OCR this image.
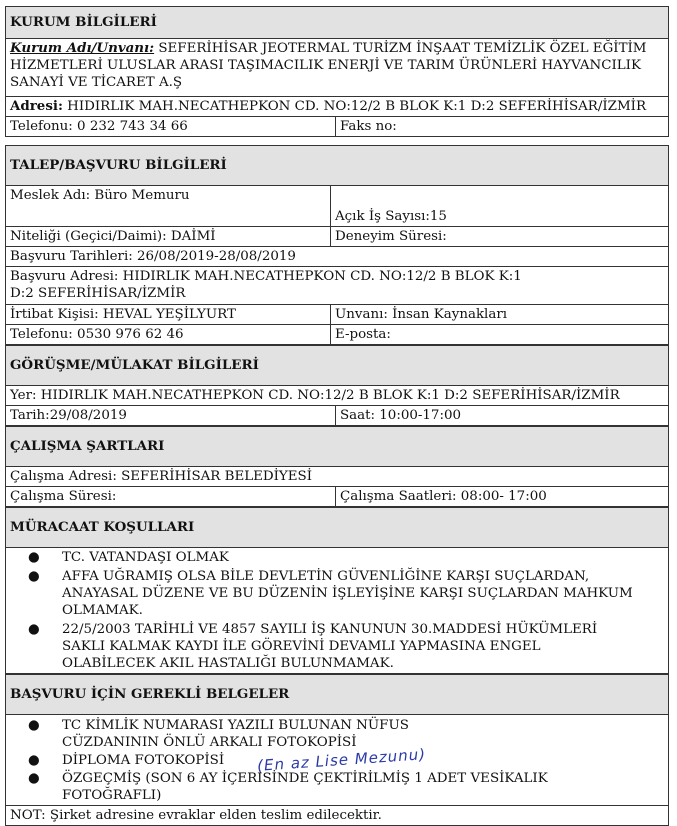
KURUM BİLGİLERİ
Kurum Adı/Unvanı: SEFERİHİSAR JEOTERMAL TURİZM İNŞAAT TEMİZLİK ÖZEL EĞİTİM HİZMETLERİ ULUSLAR ARASI TAŞIMACILIK ENERJİ VE TARIM ÜRÜNLERİ HAYVANCILIK SANAYİ VE TİCARET A.Ş
Adresi: HIDIRLIK MAH.NECATHEPKON CD. NO:12/2 B BLOK K:1 D:2 SEFERİHİSAR/İZMİR
Telefonu: 0 232 743 34 66	Faks no:
TALEP/BAŞVURU BİLGİLERİ	
Meslek Adı: Büro Memuru	Açık İş Sayısı:15
Niteliği (Geçici/Daimi): DAİMİ	Deneyim Süresi:
Başvuru Tarihleri: 26/08/2019-28/08/2019	
Başvuru Adresi: HIDIRLIK MAH.NECATHEPKON CD. NO:12/2 B BLOK K:1 D:2 SEFERİHİSAR/İZMİR	
İrtibat Kişisi: HEVAL YEŞİLYURT	Unvanı: İnsan Kaynakları
Telefonu: 0530 976 62 46	E-posta:
GÖRÜŞME/MÜLAKAT BİLGİLERİ
Yer: HIDIRLIK MAH.NECATHEPKON CD. NO:12/2 B BLOK K:1 D:2 SEFERİHİSAR/İZMİR
Tarih:29/08/2019	Saat: 10:00-17:00
ÇALIŞMA ŞARTLARI
Çalışma Adresi: SEFERİHİSAR BELEDİYESİ
Çalışma Süresi:	Çalışma Saatleri: 08:00- 17:00
MÜRACAAT KOŞULLARI

● TC. VATANDAŞI OLMAK
● AFFA UĞRAMIŞ OLSA BİLE DEVLETİN GÜVENLİĞİNE KARŞI SUÇLARDAN, ANAYASAL DÜZENE VE BU DÜZENİN İŞLEYİŞİNE KARŞI SUÇLARDAN MAHKUM OLMAMAK.
● 22/5/2003 TARİHLİ VE 4857 SAYILI İŞ KANUNUN 30.MADDESİ HÜKÜMLERİ SAKLI KALMAK KAYDI İLE GÖREVİNİ DEVAMLI YAPMASINA ENGEL OLABİLECEK AKIL HASTALIĞI BULUNMAMAK.
BAŞVURU İÇİN GEREKLİ BELGELER

● TC KİMLİK NUMARASI YAZILI BULUNAN NÜFUS CÜZDANININ ÖNLÜ ARKALI FOTOKOPİSİ
● DİPLOMA FOTOKOPİSİ
● ÖZGEÇMİŞ (SON 6 AY İÇERİSİNDE ÇEKTİRİLMİŞ 1 ADET VESİKALIK FOTOĞRAFLI)

NOT: Şirket adresine evraklar elden teslim edilecektir.
(En az Lise Mezunu)
